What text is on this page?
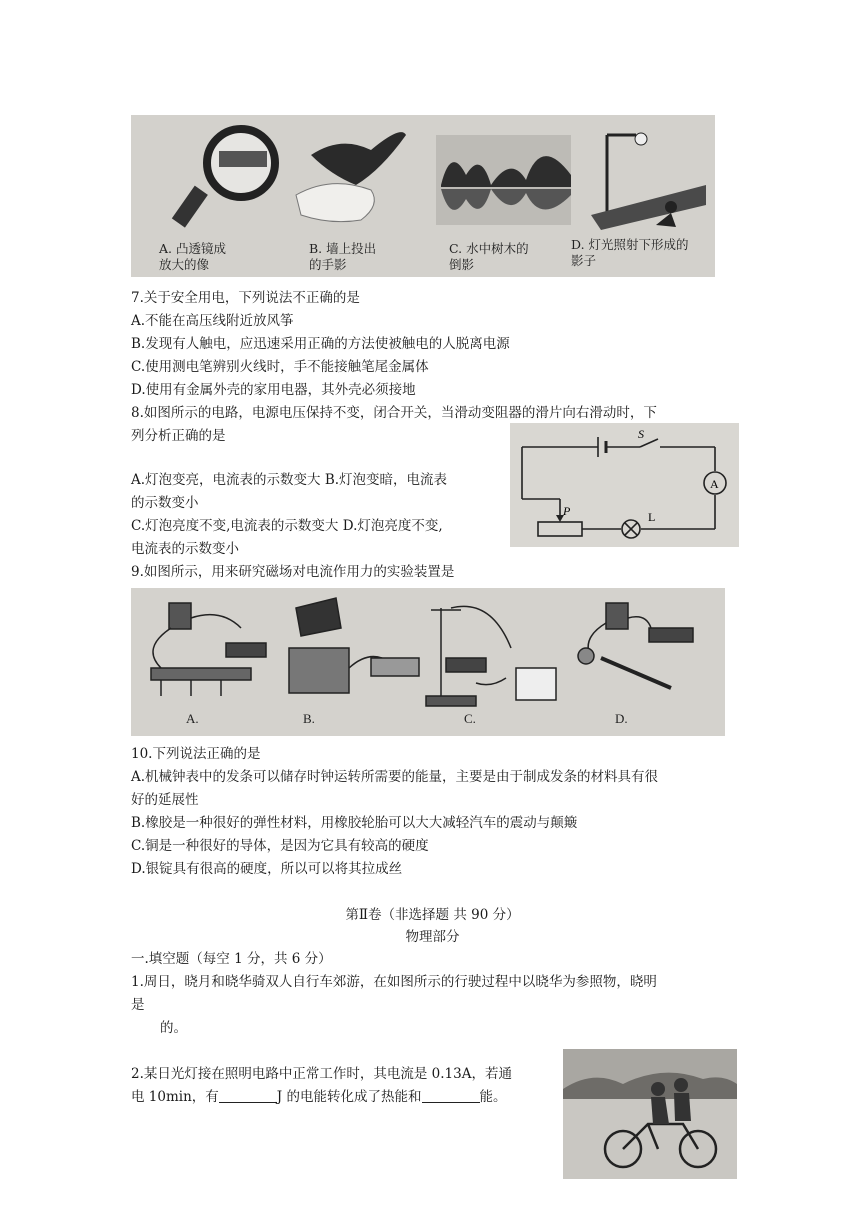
A. 凸透镜成
放大的像
B. 墙上投出
的手影
C. 水中树木的
倒影
D. 灯光照射下形成的
影子
7.关于安全用电，下列说法不正确的是
A.不能在高压线附近放风筝
B.发现有人触电，应迅速采用正确的方法使被触电的人脱离电源
C.使用测电笔辨别火线时，手不能接触笔尾金属体
D.使用有金属外壳的家用电器，其外壳必须接地
8.如图所示的电路，电源电压保持不变，闭合开关，当滑动变阻器的滑片向右滑动时，下
列分析正确的是
A.灯泡变亮，电流表的示数变大 B.灯泡变暗，电流表
的示数变小
C.灯泡亮度不变,电流表的示数变大 D.灯泡亮度不变,
电流表的示数变小
S
A
P	L
9.如图所示，用来研究磁场对电流作用力的实验装置是
A.	B.	C.	D.
10.下列说法正确的是
A.机械钟表中的发条可以储存时钟运转所需要的能量，主要是由于制成发条的材料具有很
好的延展性
B.橡胶是一种很好的弹性材料，用橡胶轮胎可以大大减轻汽车的震动与颠簸
C.铜是一种很好的导体，是因为它具有较高的硬度
D.银锭具有很高的硬度，所以可以将其拉成丝
第Ⅱ卷（非选择题 共 90 分）
物理部分
一.填空题（每空 1 分，共 6 分）
1.周日，晓月和晓华骑双人自行车郊游，在如图所示的行驶过程中以晓华为参照物，晓明
是
的。
2.某日光灯接在照明电路中正常工作时，其电流是 0.13A，若通
电 10min，有	J 的电能转化成了热能和	能。
